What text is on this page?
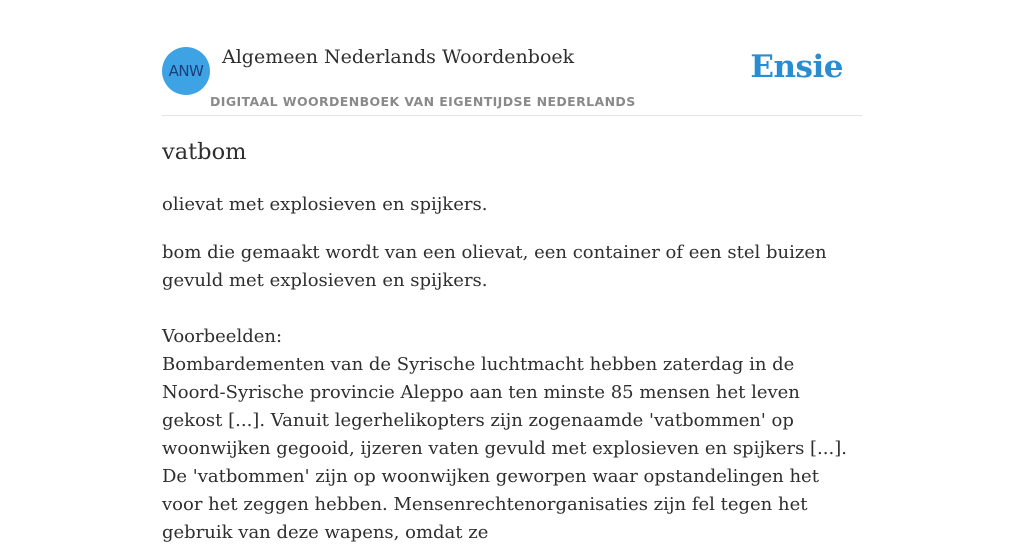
ANW
Algemeen Nederlands Woordenboek
DIGITAAL WOORDENBOEK VAN EIGENTIJDSE NEDERLANDS
Ensie
vatbom

olievat met explosieven en spijkers.

bom die gemaakt wordt van een olievat, een container of een stel buizen gevuld met explosieven en spijkers.

Voorbeelden:
Bombardementen van de Syrische luchtmacht hebben zaterdag in de Noord-Syrische provincie Aleppo aan ten minste 85 mensen het leven gekost [...]. Vanuit legerhelikopters zijn zogenaamde 'vatbommen' op woonwijken gegooid, ijzeren vaten gevuld met explosieven en spijkers [...]. De 'vatbommen' zijn op woonwijken geworpen waar opstandelingen het voor het zeggen hebben. Mensenrechtenorganisaties zijn fel tegen het gebruik van deze wapens, omdat ze
